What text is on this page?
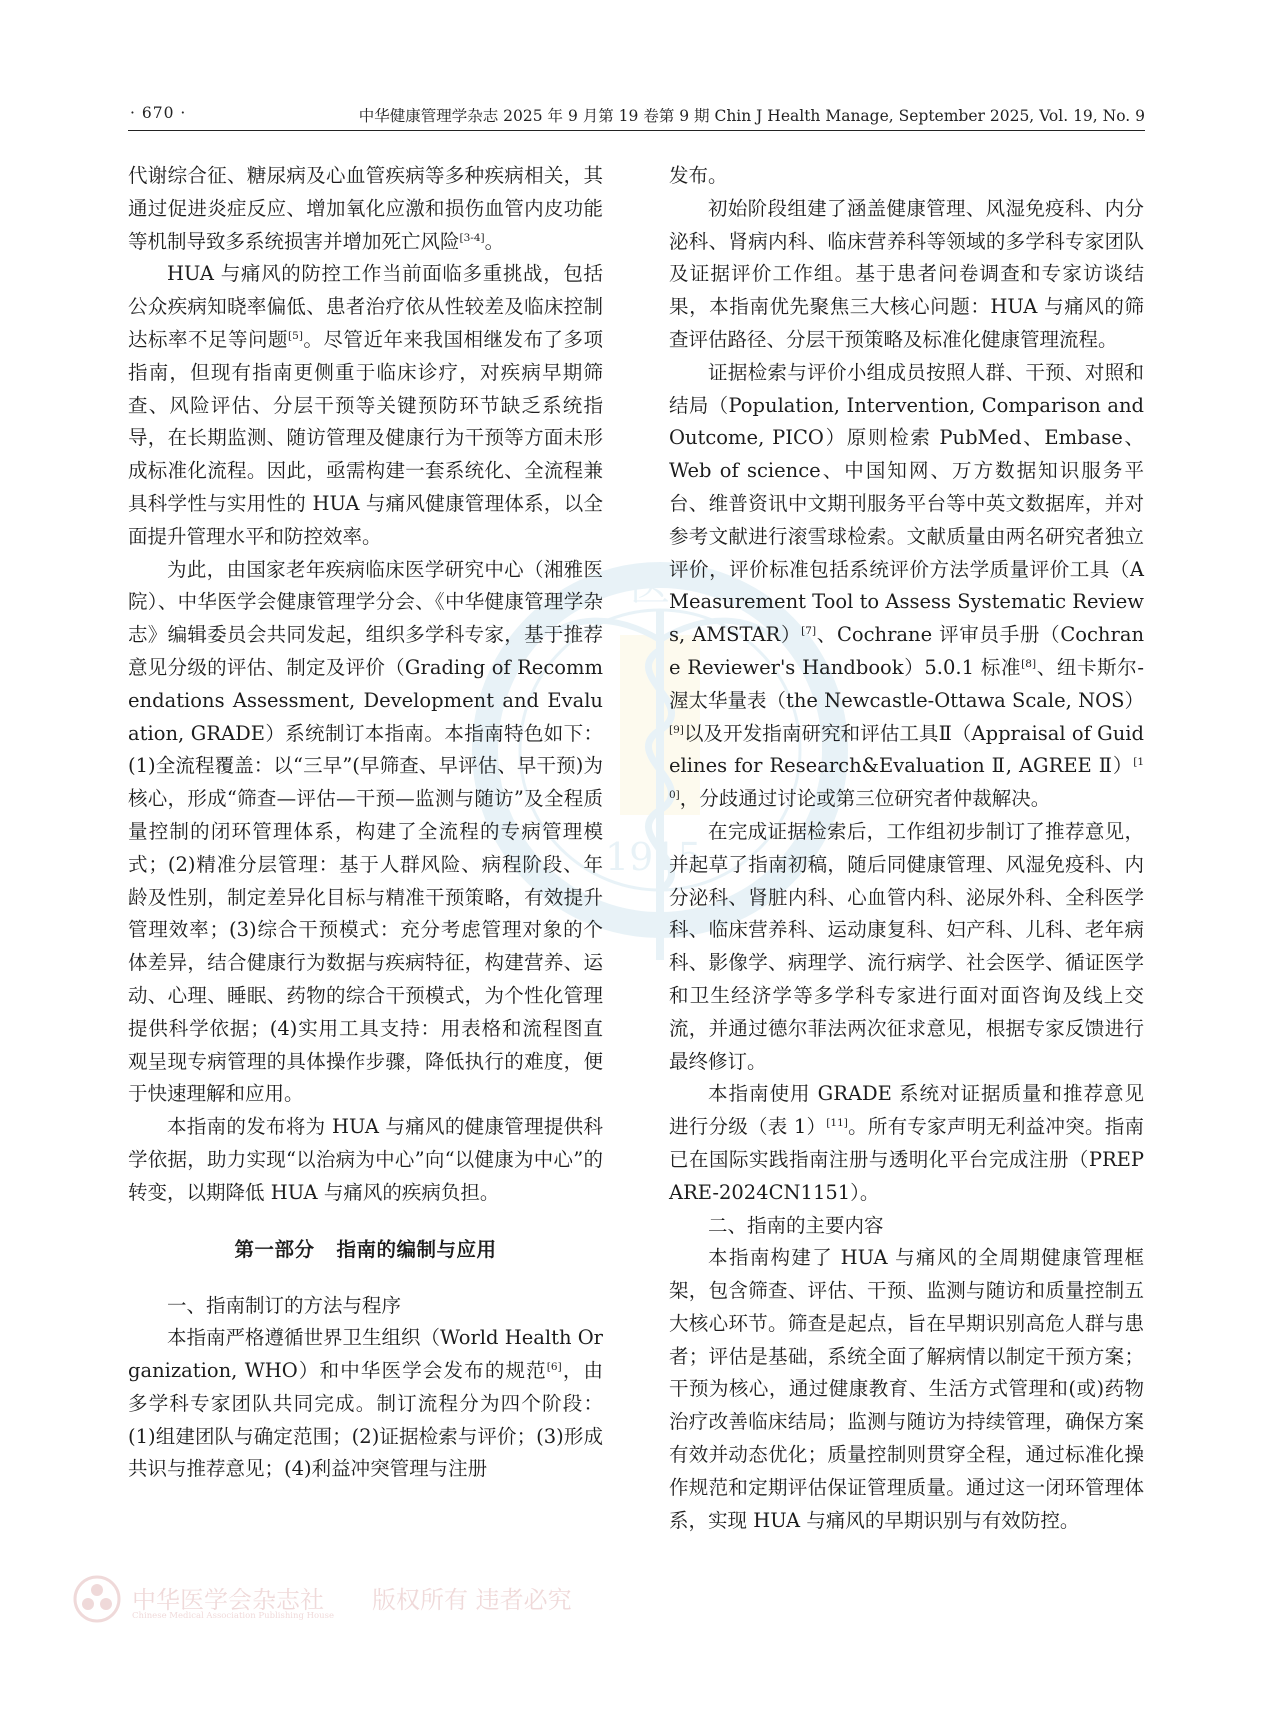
· 670 ·	中华健康管理学杂志 2025 年 9 月第 19 卷第 9 期 Chin J Health Manage, September 2025, Vol. 19, No. 9
医
1915

代谢综合征、糖尿病及心血管疾病等多种疾病相关，其通过促进炎症反应、增加氧化应激和损伤血管内皮功能等机制导致多系统损害并增加死亡风险[3-4]。

HUA 与痛风的防控工作当前面临多重挑战，包括公众疾病知晓率偏低、患者治疗依从性较差及临床控制达标率不足等问题[5]。尽管近年来我国相继发布了多项指南，但现有指南更侧重于临床诊疗，对疾病早期筛查、风险评估、分层干预等关键预防环节缺乏系统指导，在长期监测、随访管理及健康行为干预等方面未形成标准化流程。因此，亟需构建一套系统化、全流程兼具科学性与实用性的 HUA 与痛风健康管理体系，以全面提升管理水平和防控效率。

为此，由国家老年疾病临床医学研究中心（湘雅医院）、中华医学会健康管理学分会、《中华健康管理学杂志》编辑委员会共同发起，组织多学科专家，基于推荐意见分级的评估、制定及评价（Grading of Recommendations Assessment, Development and Evaluation, GRADE）系统制订本指南。本指南特色如下：(1)全流程覆盖：以“三早”(早筛查、早评估、早干预)为核心，形成“筛查—评估—干预—监测与随访”及全程质量控制的闭环管理体系，构建了全流程的专病管理模式；(2)精准分层管理：基于人群风险、病程阶段、年龄及性别，制定差异化目标与精准干预策略，有效提升管理效率；(3)综合干预模式：充分考虑管理对象的个体差异，结合健康行为数据与疾病特征，构建营养、运动、心理、睡眠、药物的综合干预模式，为个性化管理提供科学依据；(4)实用工具支持：用表格和流程图直观呈现专病管理的具体操作步骤，降低执行的难度，便于快速理解和应用。

本指南的发布将为 HUA 与痛风的健康管理提供科学依据，助力实现“以治病为中心”向“以健康为中心”的转变，以期降低 HUA 与痛风的疾病负担。

第一部分 指南的编制与应用

一、指南制订的方法与程序

本指南严格遵循世界卫生组织（World Health Organization, WHO）和中华医学会发布的规范[6]，由多学科专家团队共同完成。制订流程分为四个阶段：(1)组建团队与确定范围；(2)证据检索与评价；(3)形成共识与推荐意见；(4)利益冲突管理与注册

发布。

初始阶段组建了涵盖健康管理、风湿免疫科、内分泌科、肾病内科、临床营养科等领域的多学科专家团队及证据评价工作组。基于患者问卷调查和专家访谈结果，本指南优先聚焦三大核心问题：HUA 与痛风的筛查评估路径、分层干预策略及标准化健康管理流程。

证据检索与评价小组成员按照人群、干预、对照和结局（Population, Intervention, Comparison and Outcome, PICO）原则检索 PubMed、Embase、Web of science、中国知网、万方数据知识服务平台、维普资讯中文期刊服务平台等中英文数据库，并对参考文献进行滚雪球检索。文献质量由两名研究者独立评价，评价标准包括系统评价方法学质量评价工具（A Measurement Tool to Assess Systematic Reviews, AMSTAR）[7]、Cochrane 评审员手册（Cochrane Reviewer's Handbook）5.0.1 标准[8]、纽卡斯尔-渥太华量表（the Newcastle-Ottawa Scale, NOS）[9]以及开发指南研究和评估工具Ⅱ（Appraisal of Guidelines for Research&Evaluation Ⅱ, AGREE Ⅱ）[10]，分歧通过讨论或第三位研究者仲裁解决。

在完成证据检索后，工作组初步制订了推荐意见，并起草了指南初稿，随后同健康管理、风湿免疫科、内分泌科、肾脏内科、心血管内科、泌尿外科、全科医学科、临床营养科、运动康复科、妇产科、儿科、老年病科、影像学、病理学、流行病学、社会医学、循证医学和卫生经济学等多学科专家进行面对面咨询及线上交流，并通过德尔菲法两次征求意见，根据专家反馈进行最终修订。

本指南使用 GRADE 系统对证据质量和推荐意见进行分级（表 1）[11]。所有专家声明无利益冲突。指南已在国际实践指南注册与透明化平台完成注册（PREPARE-2024CN1151）。

二、指南的主要内容

本指南构建了 HUA 与痛风的全周期健康管理框架，包含筛查、评估、干预、监测与随访和质量控制五大核心环节。筛查是起点，旨在早期识别高危人群与患者；评估是基础，系统全面了解病情以制定干预方案；干预为核心，通过健康教育、生活方式管理和(或)药物治疗改善临床结局；监测与随访为持续管理，确保方案有效并动态优化；质量控制则贯穿全程，通过标准化操作规范和定期评估保证管理质量。通过这一闭环管理体系，实现 HUA 与痛风的早期识别与有效防控。

中华医学会杂志社　　 版权所有 违者必究
Chinese Medical Association Publishing House
